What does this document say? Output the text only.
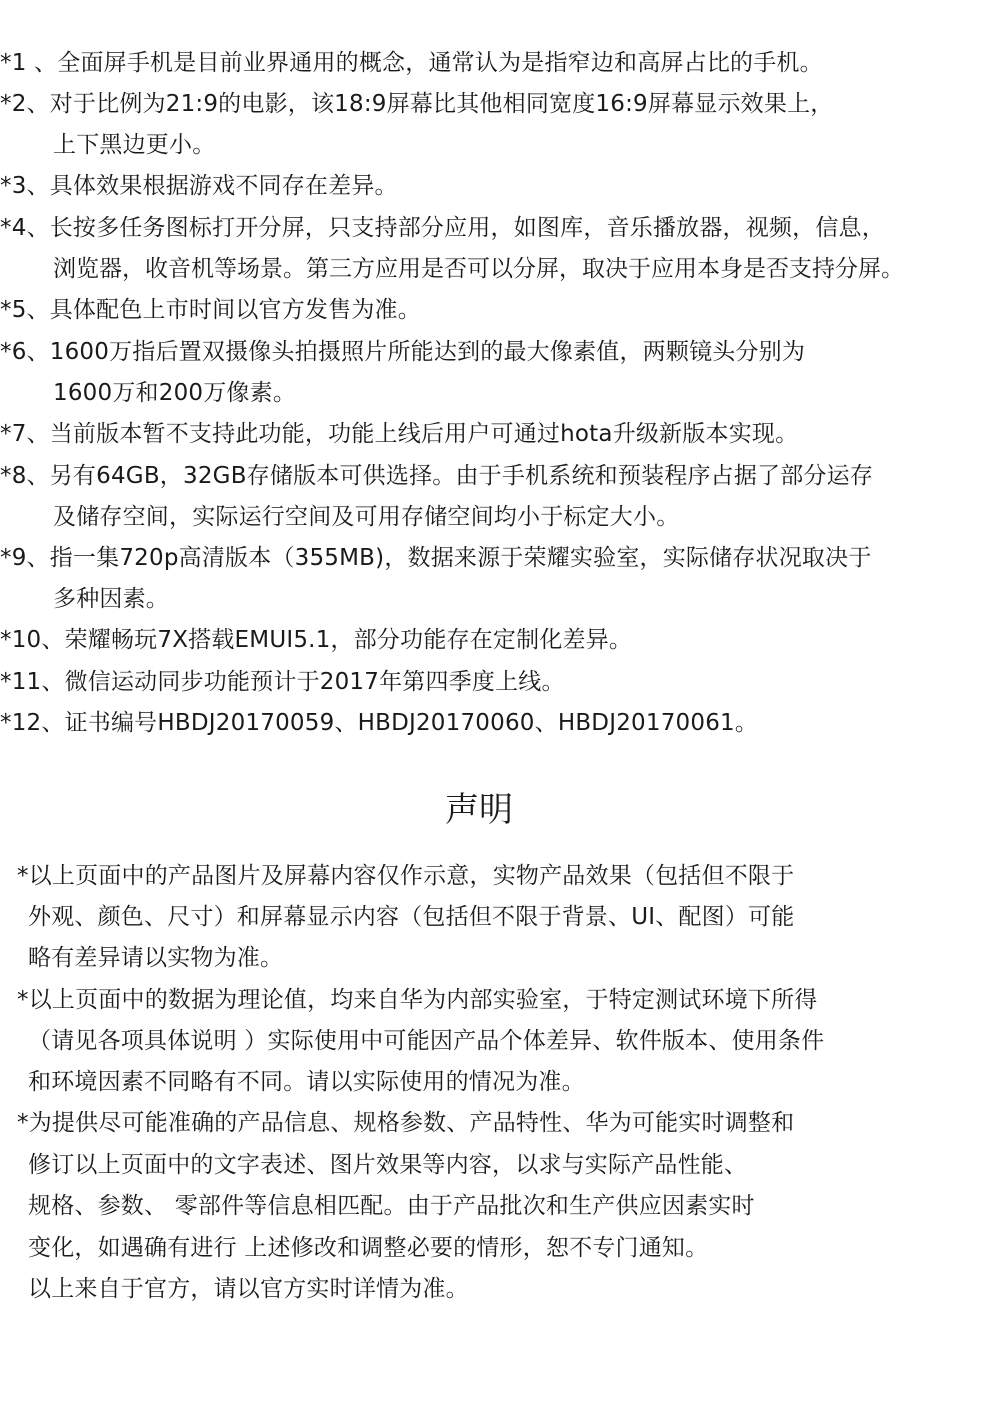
*1 、全面屏手机是目前业界通用的概念，通常认为是指窄边和高屏占比的手机。
*2、对于比例为21:9的电影，该18:9屏幕比其他相同宽度16:9屏幕显示效果上，
上下黑边更小。
*3、具体效果根据游戏不同存在差异。
*4、长按多任务图标打开分屏，只支持部分应用，如图库，音乐播放器，视频，信息，
浏览器，收音机等场景。第三方应用是否可以分屏，取决于应用本身是否支持分屏。
*5、具体配色上市时间以官方发售为准。
*6、1600万指后置双摄像头拍摄照片所能达到的最大像素值，两颗镜头分别为
1600万和200万像素。
*7、当前版本暂不支持此功能，功能上线后用户可通过hota升级新版本实现。
*8、另有64GB，32GB存储版本可供选择。由于手机系统和预装程序占据了部分运存
及储存空间，实际运行空间及可用存储空间均小于标定大小。
*9、指一集720p高清版本（355MB)，数据来源于荣耀实验室，实际储存状况取决于
多种因素。
*10、荣耀畅玩7X搭载EMUI5.1，部分功能存在定制化差异。
*11、微信运动同步功能预计于2017年第四季度上线。
*12、证书编号HBDJ20170059、HBDJ20170060、HBDJ20170061。
声明
*以上页面中的产品图片及屏幕内容仅作示意，实物产品效果（包括但不限于
外观、颜色、尺寸）和屏幕显示内容（包括但不限于背景、UI、配图）可能
略有差异请以实物为准。
*以上页面中的数据为理论值，均来自华为内部实验室，于特定测试环境下所得
（请见各项具体说明 ）实际使用中可能因产品个体差异、软件版本、使用条件
和环境因素不同略有不同。请以实际使用的情况为准。
*为提供尽可能准确的产品信息、规格参数、产品特性、华为可能实时调整和
修订以上页面中的文字表述、图片效果等内容，以求与实际产品性能、
规格、参数、 零部件等信息相匹配。由于产品批次和生产供应因素实时
变化，如遇确有进行 上述修改和调整必要的情形，恕不专门通知。
以上来自于官方，请以官方实时详情为准。
